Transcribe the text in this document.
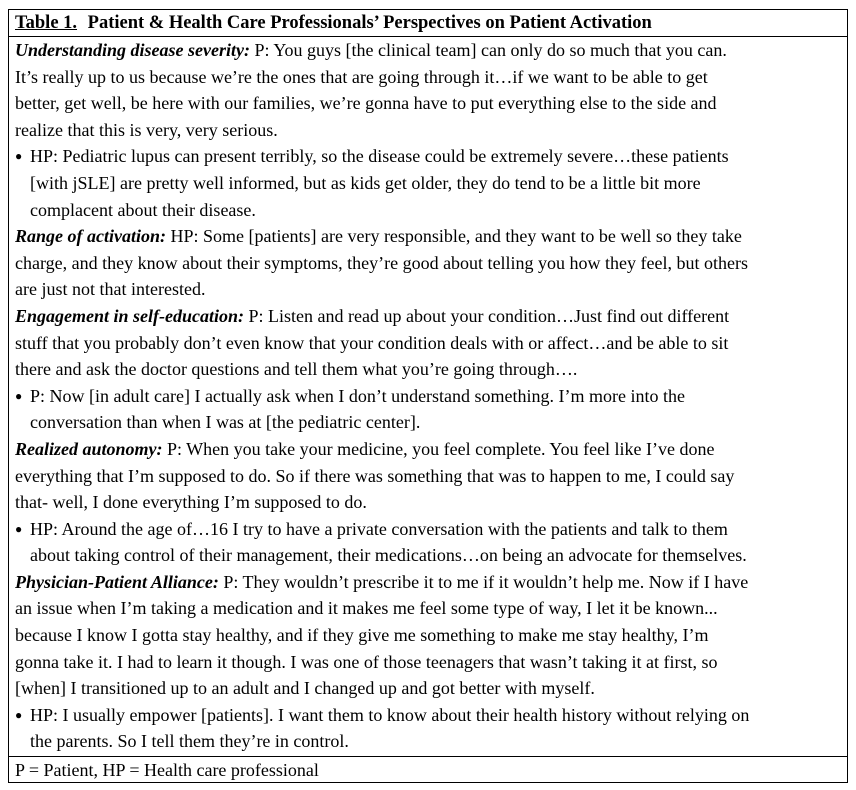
Table 1. Patient & Health Care Professionals’ Perspectives on Patient Activation
Understanding disease severity: P: You guys [the clinical team] can only do so much that you can.
It’s really up to us because we’re the ones that are going through it…if we want to be able to get
better, get well, be here with our families, we’re gonna have to put everything else to the side and
realize that this is very, very serious.
● HP: Pediatric lupus can present terribly, so the disease could be extremely severe…these patients
[with jSLE] are pretty well informed, but as kids get older, they do tend to be a little bit more
complacent about their disease.
Range of activation: HP: Some [patients] are very responsible, and they want to be well so they take
charge, and they know about their symptoms, they’re good about telling you how they feel, but others
are just not that interested.
Engagement in self-education: P: Listen and read up about your condition…Just find out different
stuff that you probably don’t even know that your condition deals with or affect…and be able to sit
there and ask the doctor questions and tell them what you’re going through….
● P: Now [in adult care] I actually ask when I don’t understand something. I’m more into the
conversation than when I was at [the pediatric center].
Realized autonomy: P: When you take your medicine, you feel complete. You feel like I’ve done
everything that I’m supposed to do. So if there was something that was to happen to me, I could say
that- well, I done everything I’m supposed to do.
● HP: Around the age of…16 I try to have a private conversation with the patients and talk to them
about taking control of their management, their medications…on being an advocate for themselves.
Physician-Patient Alliance: P: They wouldn’t prescribe it to me if it wouldn’t help me. Now if I have
an issue when I’m taking a medication and it makes me feel some type of way, I let it be known...
because I know I gotta stay healthy, and if they give me something to make me stay healthy, I’m
gonna take it. I had to learn it though. I was one of those teenagers that wasn’t taking it at first, so
[when] I transitioned up to an adult and I changed up and got better with myself.
● HP: I usually empower [patients]. I want them to know about their health history without relying on
the parents. So I tell them they’re in control.
P = Patient, HP = Health care professional
